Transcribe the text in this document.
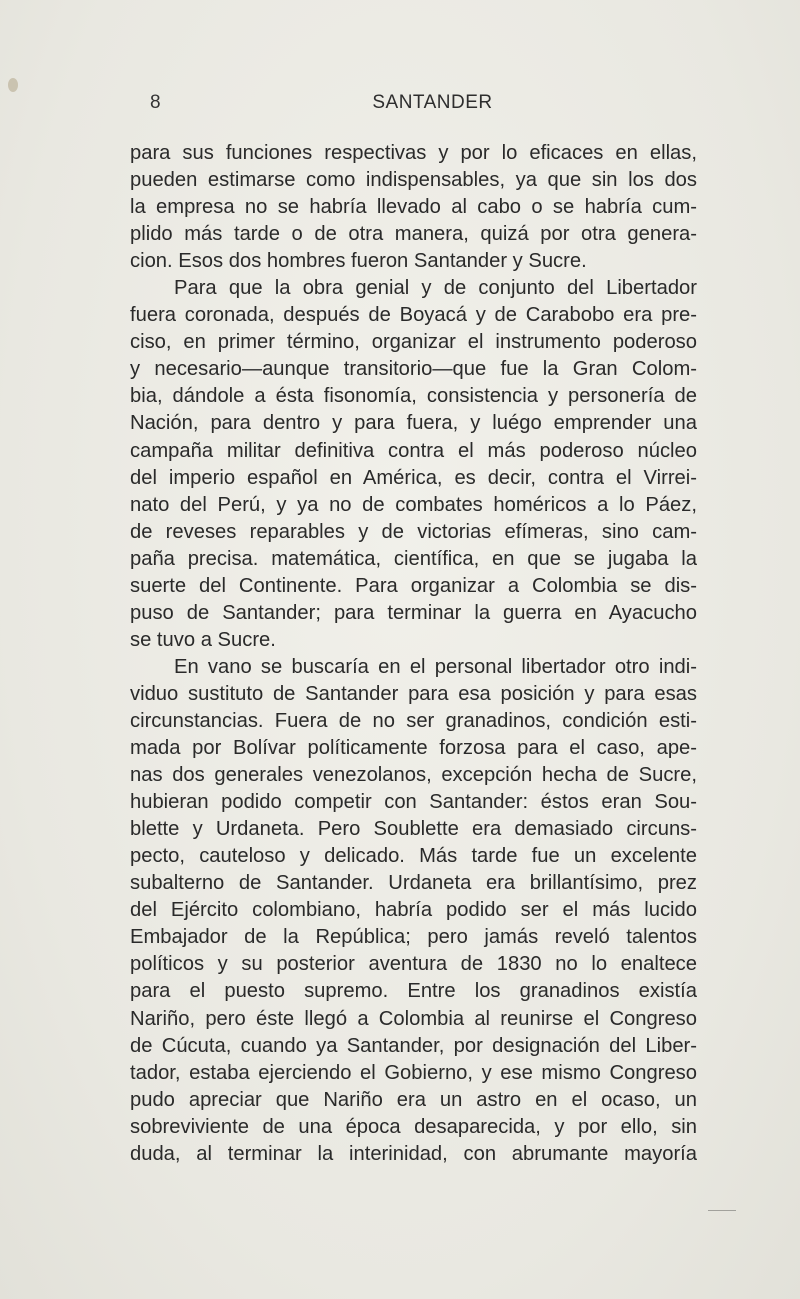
8	SANTANDER
para sus funciones respectivas y por lo eficaces en ellas,
pueden estimarse como indispensables, ya que sin los dos
la empresa no se habría llevado al cabo o se habría cum-
plido más tarde o de otra manera, quizá por otra genera-
cion. Esos dos hombres fueron Santander y Sucre.
Para que la obra genial y de conjunto del Libertador
fuera coronada, después de Boyacá y de Carabobo era pre-
ciso, en primer término, organizar el instrumento poderoso
y necesario—aunque transitorio—que fue la Gran Colom-
bia, dándole a ésta fisonomía, consistencia y personería de
Nación, para dentro y para fuera, y luégo emprender una
campaña militar definitiva contra el más poderoso núcleo
del imperio español en América, es decir, contra el Virrei-
nato del Perú, y ya no de combates homéricos a lo Páez,
de reveses reparables y de victorias efímeras, sino cam-
paña precisa. matemática, científica, en que se jugaba la
suerte del Continente. Para organizar a Colombia se dis-
puso de Santander; para terminar la guerra en Ayacucho
se tuvo a Sucre.
En vano se buscaría en el personal libertador otro indi-
viduo sustituto de Santander para esa posición y para esas
circunstancias. Fuera de no ser granadinos, condición esti-
mada por Bolívar políticamente forzosa para el caso, ape-
nas dos generales venezolanos, excepción hecha de Sucre,
hubieran podido competir con Santander: éstos eran Sou-
blette y Urdaneta. Pero Soublette era demasiado circuns-
pecto, cauteloso y delicado. Más tarde fue un excelente
subalterno de Santander. Urdaneta era brillantísimo, prez
del Ejército colombiano, habría podido ser el más lucido
Embajador de la República; pero jamás reveló talentos
políticos y su posterior aventura de 1830 no lo enaltece
para el puesto supremo. Entre los granadinos existía
Nariño, pero éste llegó a Colombia al reunirse el Congreso
de Cúcuta, cuando ya Santander, por designación del Liber-
tador, estaba ejerciendo el Gobierno, y ese mismo Congreso
pudo apreciar que Nariño era un astro en el ocaso, un
sobreviviente de una época desaparecida, y por ello, sin
duda, al terminar la interinidad, con abrumante mayoría
